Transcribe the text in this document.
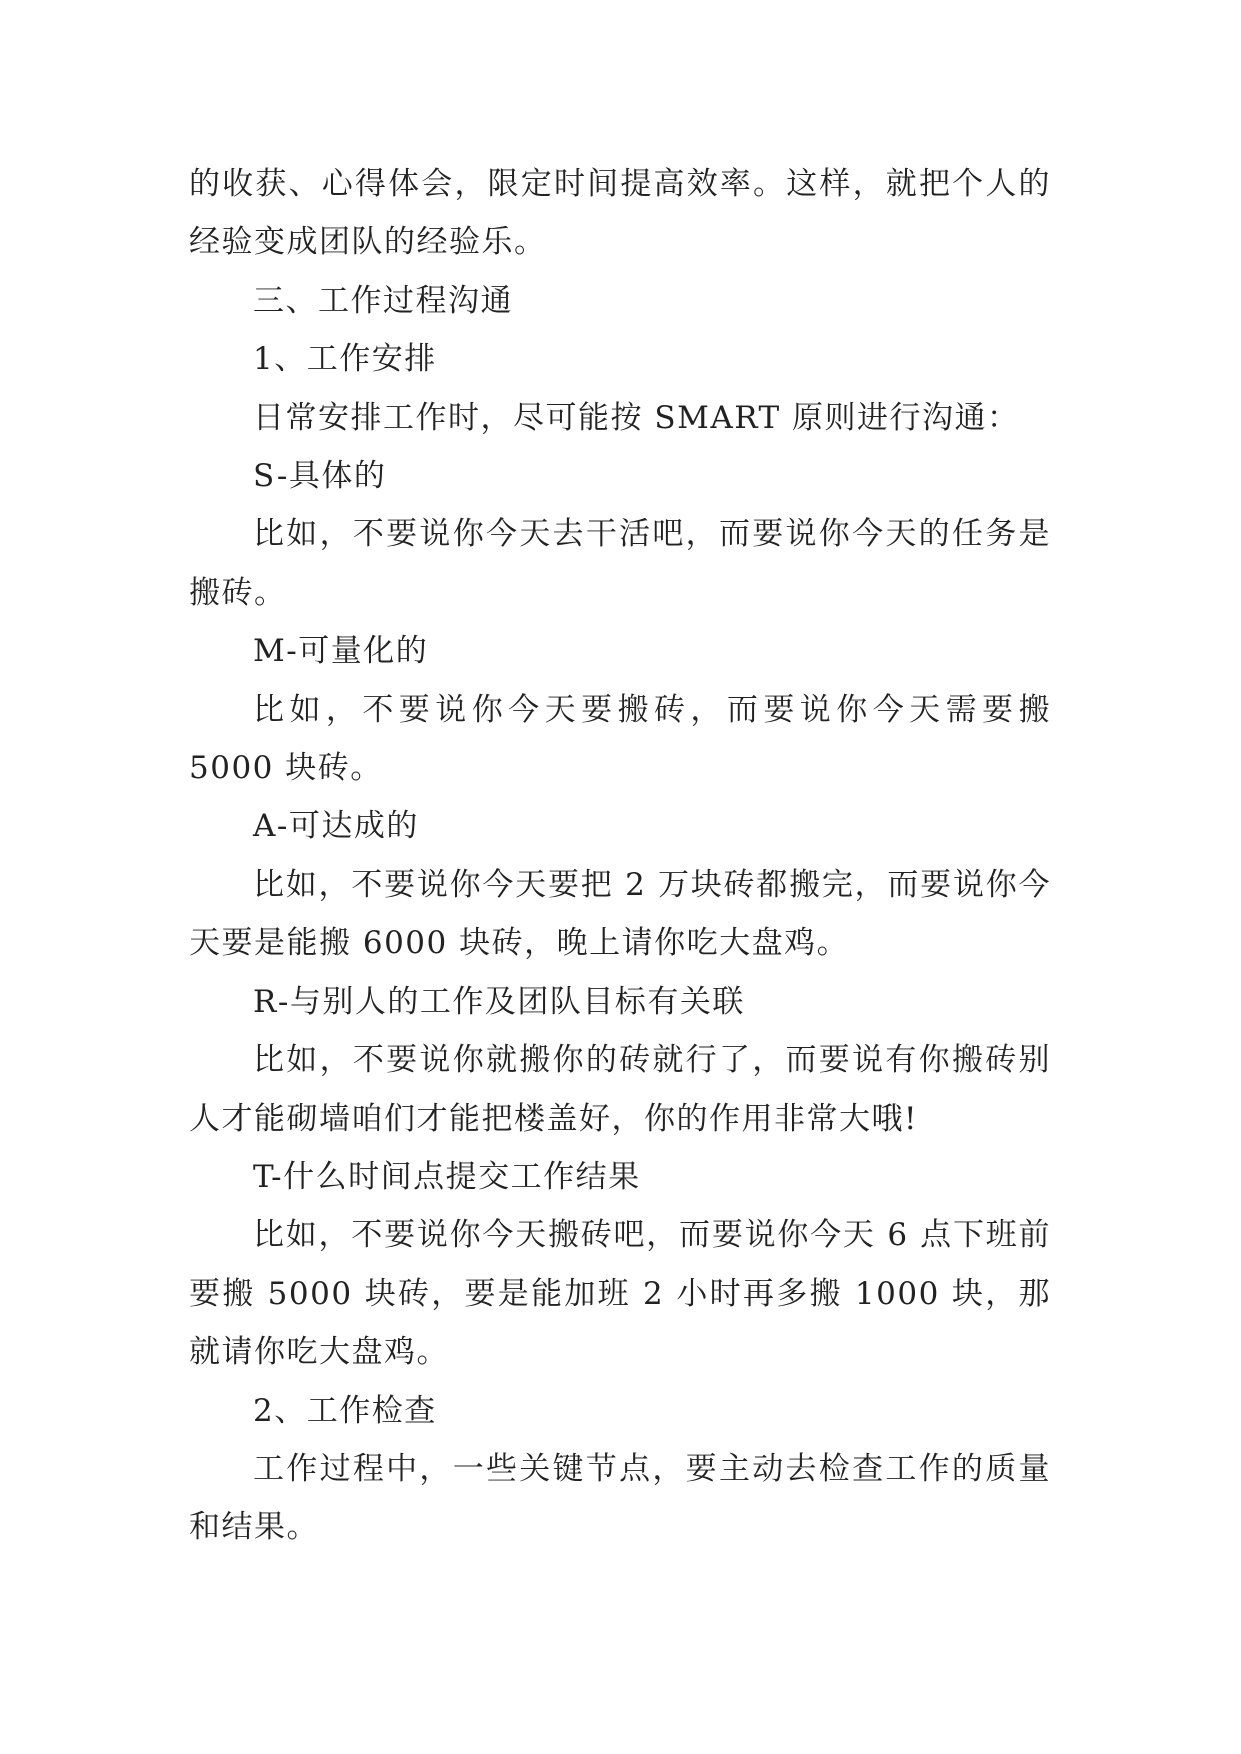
的收获、心得体会，限定时间提高效率。这样，就把个人的经验变成团队的经验乐。

三、工作过程沟通

1、工作安排

日常安排工作时，尽可能按 SMART 原则进行沟通：

S-具体的

比如，不要说你今天去干活吧，而要说你今天的任务是搬砖。

M-可量化的

比如，不要说你今天要搬砖，而要说你今天需要搬 5000 块砖。

A-可达成的

比如，不要说你今天要把 2 万块砖都搬完，而要说你今天要是能搬 6000 块砖，晚上请你吃大盘鸡。

R-与别人的工作及团队目标有关联

比如，不要说你就搬你的砖就行了，而要说有你搬砖别人才能砌墙咱们才能把楼盖好，你的作用非常大哦!

T-什么时间点提交工作结果

比如，不要说你今天搬砖吧，而要说你今天 6 点下班前要搬 5000 块砖，要是能加班 2 小时再多搬 1000 块，那就请你吃大盘鸡。

2、工作检查

工作过程中，一些关键节点，要主动去检查工作的质量和结果。
